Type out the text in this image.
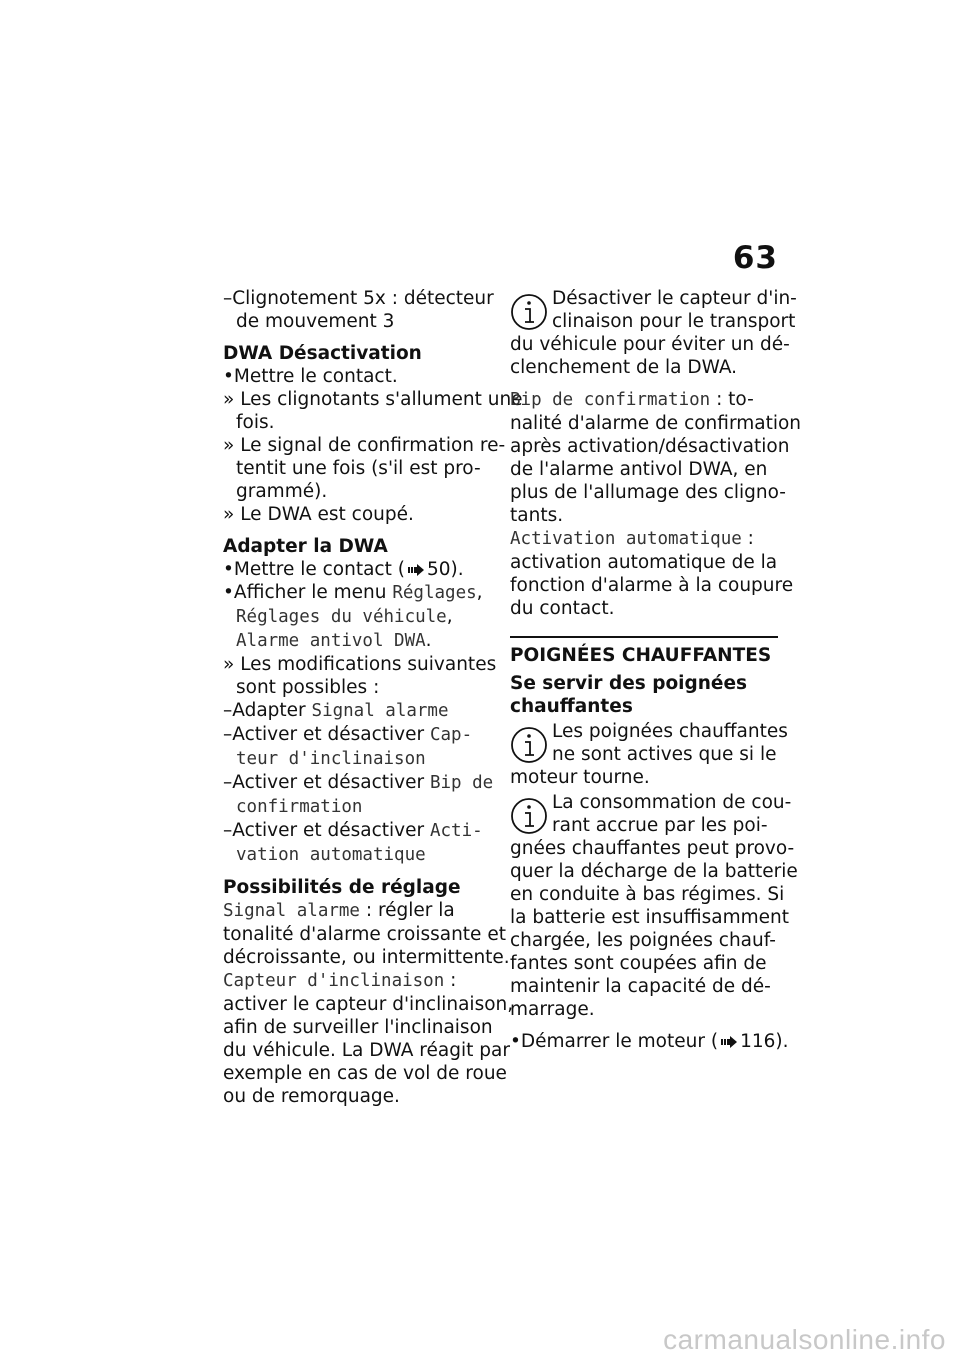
63
–Clignotement 5x : détecteur
de mouvement 3
DWA Désactivation
•Mettre le contact.
» Les clignotants s'allument une
fois.
» Le signal de confirmation re-
tentit une fois (s'il est pro-
grammé).
» Le DWA est coupé.
Adapter la DWA
•Mettre le contact ( 50).
•Afficher le menu Réglages,
Réglages du véhicule,
Alarme antivol DWA.
» Les modifications suivantes
sont possibles :
–Adapter Signal alarme
–Activer et désactiver Cap-
teur d'inclinaison
–Activer et désactiver Bip de
confirmation
–Activer et désactiver Acti-
vation automatique
Possibilités de réglage
Signal alarme : régler la
tonalité d'alarme croissante et
décroissante, ou intermittente.
Capteur d'inclinaison :
activer le capteur d'inclinaison,
afin de surveiller l'inclinaison
du véhicule. La DWA réagit par
exemple en cas de vol de roue
ou de remorquage.
Désactiver le capteur d'in-
clinaison pour le transport
du véhicule pour éviter un dé-
clenchement de la DWA.
Bip de confirmation : to-
nalité d'alarme de confirmation
après activation/désactivation
de l'alarme antivol DWA, en
plus de l'allumage des cligno-
tants.
Activation automatique :
activation automatique de la
fonction d'alarme à la coupure
du contact.
POIGNÉES CHAUFFANTES
Se servir des poignées
chauffantes
Les poignées chauffantes
ne sont actives que si le
moteur tourne.
La consommation de cou-
rant accrue par les poi-
gnées chauffantes peut provo-
quer la décharge de la batterie
en conduite à bas régimes. Si
la batterie est insuffisamment
chargée, les poignées chauf-
fantes sont coupées afin de
maintenir la capacité de dé-
marrage.
•Démarrer le moteur ( 116).
carmanualsonline.info
